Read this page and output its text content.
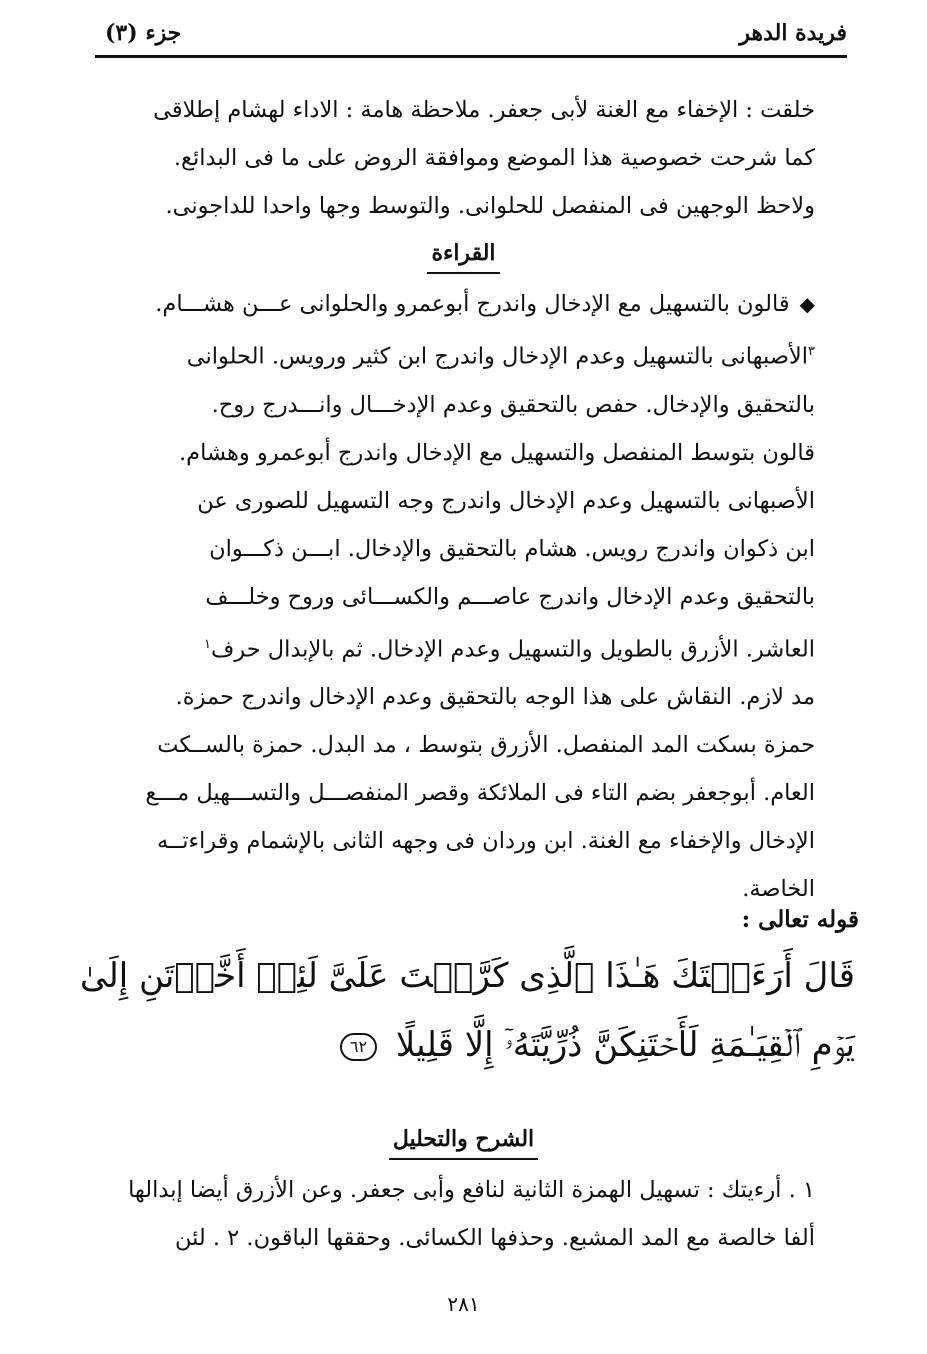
فريدة الدهر
جزء (٣)

خلقت : الإخفاء مع الغنة لأبى جعفر. ملاحظة هامة : الاداء لهشام إطلاقى

كما شرحت خصوصية هذا الموضع وموافقة الروض على ما فى البدائع.

ولاحظ الوجهين فى المنفصل للحلوانى. والتوسط وجها واحدا للداجونى.

القراءة

◆قالون بالتسهيل مع الإدخال واندرج أبوعمرو والحلوانى عـــن هشـــام.

$^٣$الأصبهانى بالتسهيل وعدم الإدخال واندرج ابن كثير ورويس. الحلوانى

بالتحقيق والإدخال. حفص بالتحقيق وعدم الإدخـــال وانـــدرج روح.

قالون بتوسط المنفصل والتسهيل مع الإدخال واندرج أبوعمرو وهشام.

الأصبهانى بالتسهيل وعدم الإدخال واندرج وجه التسهيل للصورى عن

ابن ذكوان واندرج رويس. هشام بالتحقيق والإدخال. ابـــن ذكـــوان

بالتحقيق وعدم الإدخال واندرج عاصـــم والكســـائى وروح وخلـــف

العاشر. الأزرق بالطويل والتسهيل وعدم الإدخال. ثم بالإبدال حرف$^١$

مد لازم. النقاش على هذا الوجه بالتحقيق وعدم الإدخال واندرج حمزة.

حمزة بسكت المد المنفصل. الأزرق بتوسط ، مد البدل. حمزة بالســكت

العام. أبوجعفر بضم التاء فى الملائكة وقصر المنفصـــل والتســـهيل مـــع

الإدخال والإخفاء مع الغنة. ابن وردان فى وجهه الثانى بالإشمام وقراءتــه

الخاصة.

قوله تعالى :
قَالَ أَرَءَيۡتَكَ هَـٰذَا ٱلَّذِى كَرَّمۡتَ عَلَىَّ لَئِنۡ أَخَّرۡتَنِ إِلَىٰ
يَوۡمِ ٱلۡقِيَـٰمَةِ لَأَحۡتَنِكَنَّ ذُرِّيَّتَهُۥٓ إِلَّا قَلِيلًا ٦٢
الشرح والتحليل

١ . أرءيتك : تسهيل الهمزة الثانية لنافع وأبى جعفر. وعن الأزرق أيضا إبدالها

ألفا خالصة مع المد المشبع. وحذفها الكسائى. وحققها الباقون. ٢ . لئن

٢٨١
